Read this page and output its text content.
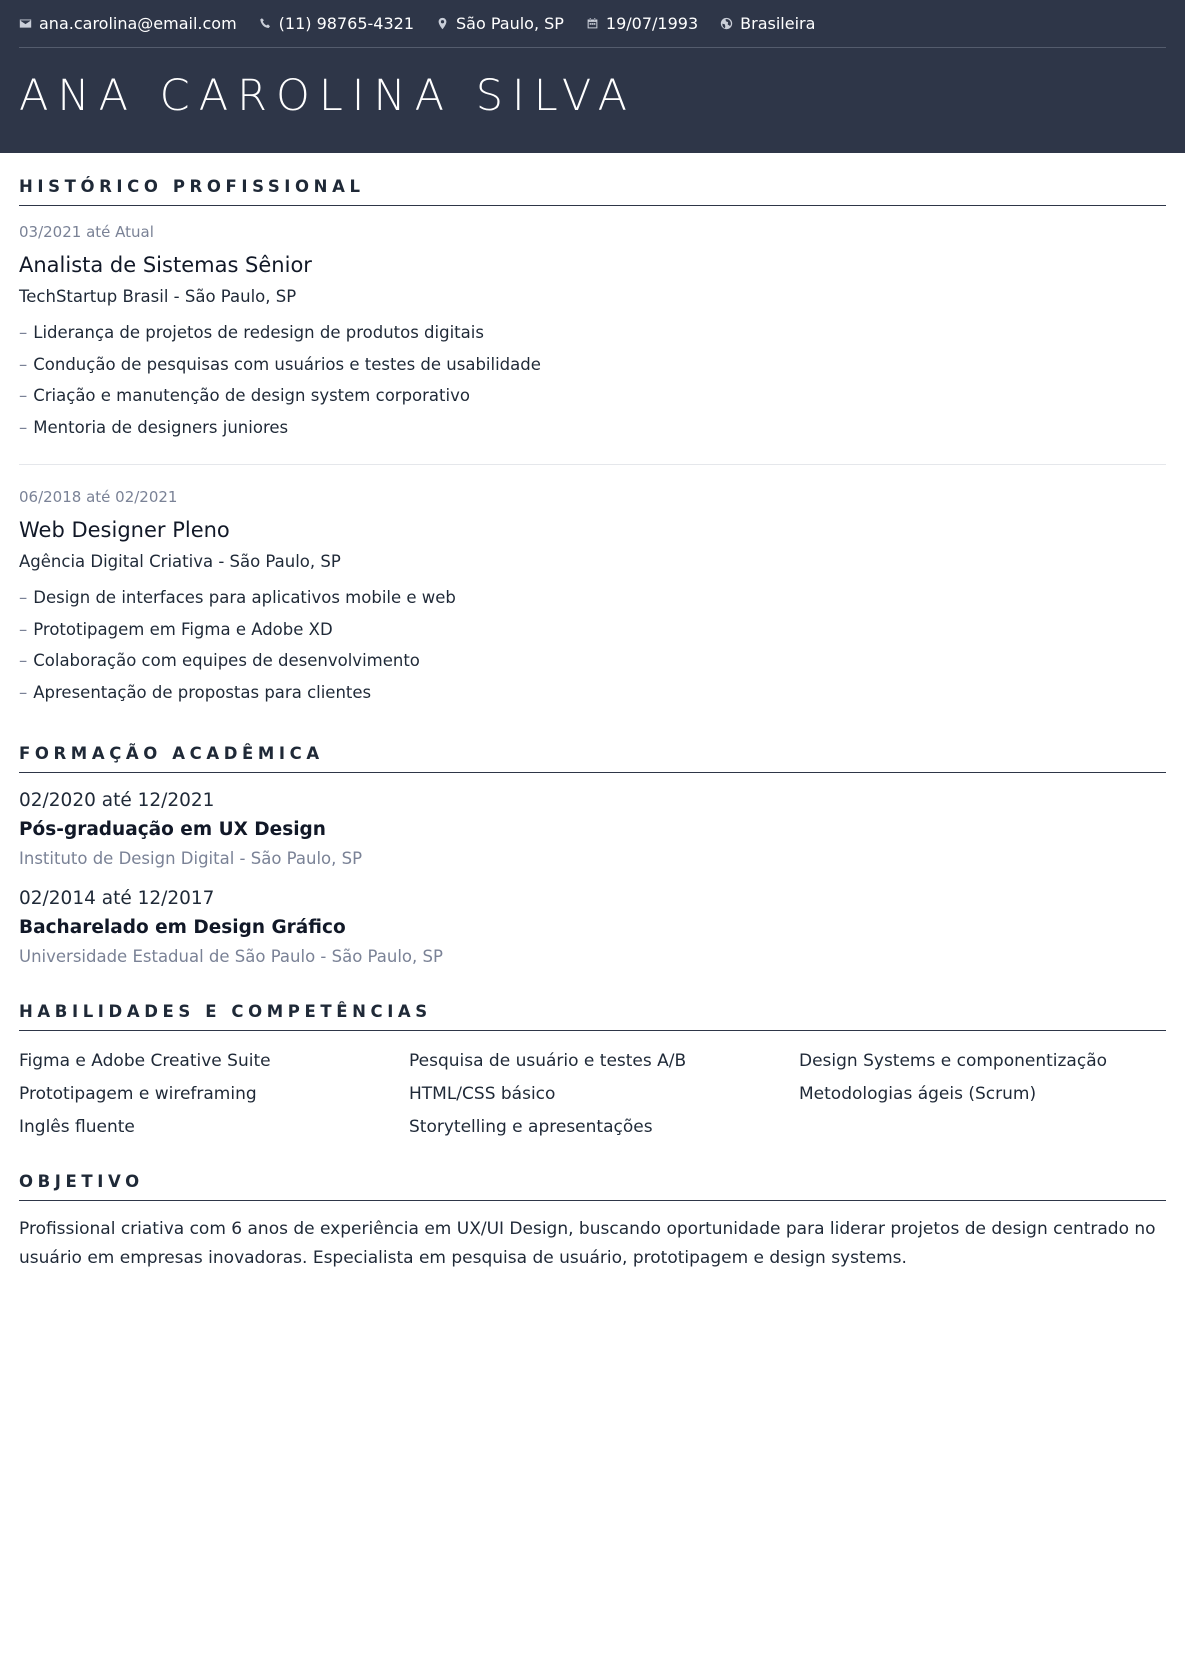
ana.carolina@email.com	(11) 98765-4321	São Paulo, SP	19/07/1993	Brasileira
ANA CAROLINA SILVA
HISTÓRICO PROFISSIONAL
03/2021 até Atual
Analista de Sistemas Sênior
TechStartup Brasil - São Paulo, SP
– Liderança de projetos de redesign de produtos digitais
– Condução de pesquisas com usuários e testes de usabilidade
– Criação e manutenção de design system corporativo
– Mentoria de designers juniores
06/2018 até 02/2021
Web Designer Pleno
Agência Digital Criativa - São Paulo, SP
– Design de interfaces para aplicativos mobile e web
– Prototipagem em Figma e Adobe XD
– Colaboração com equipes de desenvolvimento
– Apresentação de propostas para clientes
FORMAÇÃO ACADÊMICA
02/2020 até 12/2021
Pós-graduação em UX Design
Instituto de Design Digital - São Paulo, SP
02/2014 até 12/2017
Bacharelado em Design Gráfico
Universidade Estadual de São Paulo - São Paulo, SP
HABILIDADES E COMPETÊNCIAS
Figma e Adobe Creative Suite	Pesquisa de usuário e testes A/B	Design Systems e componentização
Prototipagem e wireframing	HTML/CSS básico	Metodologias ágeis (Scrum)
Inglês fluente	Storytelling e apresentações
OBJETIVO

Profissional criativa com 6 anos de experiência em UX/UI Design, buscando oportunidade para liderar projetos de design centrado no usuário em empresas inovadoras. Especialista em pesquisa de usuário, prototipagem e design systems.
